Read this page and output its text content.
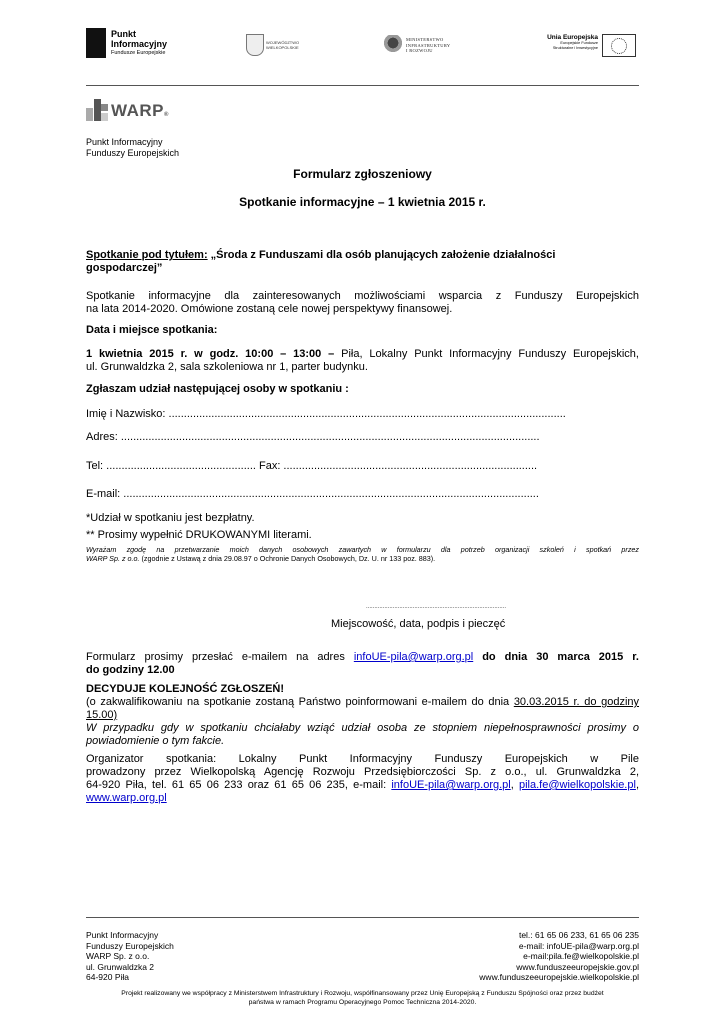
Punkt
Informacyjny
Fundusze Europejskie
WOJEWÓDZTWO
WIELKOPOLSKIE
MINISTERSTWO
INFRASTRUKTURY
I ROZWOJU
Unia Europejska
Europejskie Fundusze
Strukturalne i Inwestycyjne
WARP®
Punkt Informacyjny
Funduszy Europejskich
Formularz zgłoszeniowy
Spotkanie informacyjne – 1 kwietnia 2015 r.
Spotkanie pod tytułem: „Środa z Funduszami dla osób planujących założenie działalności
gospodarczej”
Spotkanie informacyjne dla zainteresowanych możliwościami wsparcia z Funduszy Europejskich
na lata 2014-2020. Omówione zostaną cele nowej perspektywy finansowej.
Data i miejsce spotkania:
1 kwietnia 2015 r. w godz. 10:00 – 13:00 – Piła, Lokalny Punkt Informacyjny Funduszy Europejskich,
ul. Grunwaldzka 2, sala szkoleniowa nr 1, parter budynku.
Zgłaszam udział następującej osoby w spotkaniu :
Imię i Nazwisko: ..................................................................................................................................
Adres: .........................................................................................................................................
Tel: ................................................. Fax: ...................................................................................
E-mail: ........................................................................................................................................
*Udział w spotkaniu jest bezpłatny.
** Prosimy wypełnić DRUKOWANYMI literami.
Wyrażam zgodę na przetwarzanie moich danych osobowych zawartych w formularzu dla potrzeb organizacji szkoleń i spotkań przez
WARP Sp. z o.o. (zgodnie z Ustawą z dnia 29.08.97 o Ochronie Danych Osobowych, Dz. U. nr 133 poz. 883).
....................................................................................
Miejscowość, data, podpis i pieczęć
Formularz prosimy przesłać e-mailem na adres infoUE-pila@warp.org.pl do dnia 30 marca 2015 r.
do godziny 12.00
DECYDUJE KOLEJNOŚĆ ZGŁOSZEŃ!
(o zakwalifikowaniu na spotkanie zostaną Państwo poinformowani e-mailem do dnia 30.03.2015 r. do godziny
15.00)
W przypadku gdy w spotkaniu chciałaby wziąć udział osoba ze stopniem niepełnosprawności prosimy o
powiadomienie o tym fakcie.
Organizator spotkania: Lokalny Punkt Informacyjny Funduszy Europejskich w Pile
prowadzony przez Wielkopolską Agencję Rozwoju Przedsiębiorczości Sp. z o.o., ul. Grunwaldzka 2,
64-920 Piła, tel. 61 65 06 233 oraz 61 65 06 235, e-mail: infoUE-pila@warp.org.pl, pila.fe@wielkopolskie.pl,
www.warp.org.pl
Punkt Informacyjny
Funduszy Europejskich
WARP Sp. z o.o.
ul. Grunwaldzka 2
64-920 Piła
tel.: 61 65 06 233, 61 65 06 235
e-mail: infoUE-pila@warp.org.pl
e-mail:pila.fe@wielkopolskie.pl
www.funduszeeuropejskie.gov.pl
www.funduszeeuropejskie.wielkopolskie.pl
Projekt realizowany we współpracy z Ministerstwem Infrastruktury i Rozwoju, współfinansowany przez Unię Europejską z Funduszu Spójności oraz przez budżet
państwa w ramach Programu Operacyjnego Pomoc Techniczna 2014-2020.
